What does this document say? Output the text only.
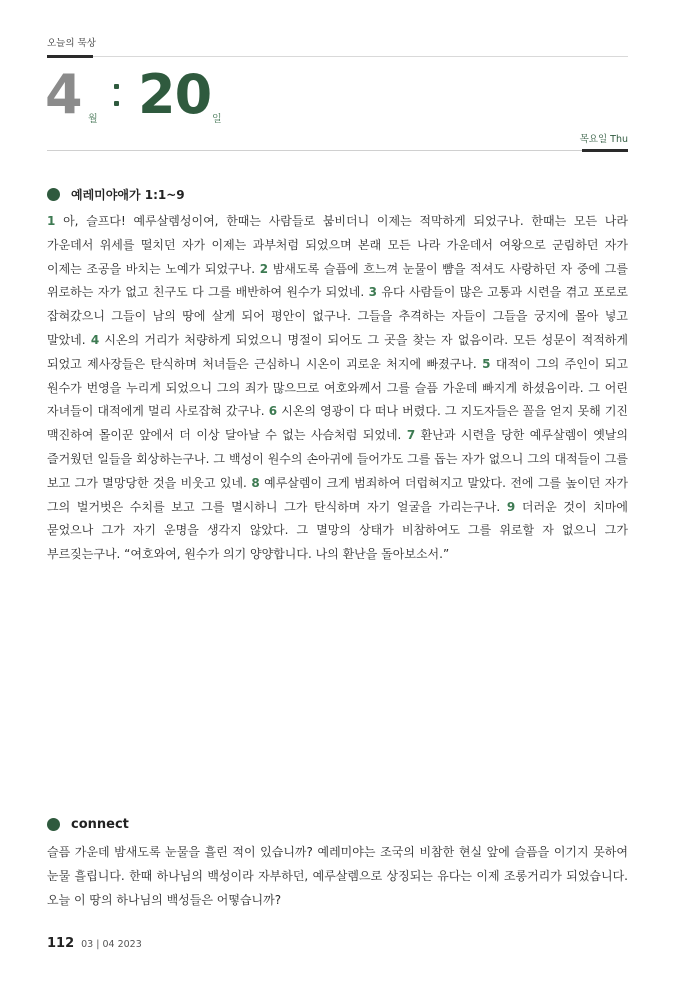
오늘의 묵상
4 월 20 일
목요일 Thu
예레미야애가 1:1~9
1 아, 슬프다! 예루살렘성이여, 한때는 사람들로 붐비더니 이제는 적막하게 되었구나. 한때는 모든 나라 가운데서 위세를 떨치던 자가 이제는 과부처럼 되었으며 본래 모든 나라 가운데서 여왕으로 군림하던 자가 이제는 조공을 바치는 노예가 되었구나. 2 밤새도록 슬픔에 흐느껴 눈물이 뺨을 적셔도 사랑하던 자 중에 그를 위로하는 자가 없고 친구도 다 그를 배반하여 원수가 되었네. 3 유다 사람들이 많은 고통과 시련을 겪고 포로로 잡혀갔으니 그들이 남의 땅에 살게 되어 평안이 없구나. 그들을 추격하는 자들이 그들을 궁지에 몰아 넣고 말았네. 4 시온의 거리가 처량하게 되었으니 명절이 되어도 그 곳을 찾는 자 없음이라. 모든 성문이 적적하게 되었고 제사장들은 탄식하며 처녀들은 근심하니 시온이 괴로운 처지에 빠졌구나. 5 대적이 그의 주인이 되고 원수가 번영을 누리게 되었으니 그의 죄가 많으므로 여호와께서 그를 슬픔 가운데 빠지게 하셨음이라. 그 어린 자녀들이 대적에게 멀리 사로잡혀 갔구나. 6 시온의 영광이 다 떠나 버렸다. 그 지도자들은 꼴을 얻지 못해 기진 맥진하여 몰이꾼 앞에서 더 이상 달아날 수 없는 사슴처럼 되었네. 7 환난과 시련을 당한 예루살렘이 옛날의 즐거웠던 일들을 회상하는구나. 그 백성이 원수의 손아귀에 들어가도 그를 돕는 자가 없으니 그의 대적들이 그를 보고 그가 멸망당한 것을 비웃고 있네. 8 예루살렘이 크게 범죄하여 더럽혀지고 말았다. 전에 그를 높이던 자가 그의 벌거벗은 수치를 보고 그를 멸시하니 그가 탄식하며 자기 얼굴을 가리는구나. 9 더러운 것이 치마에 묻었으나 그가 자기 운명을 생각지 않았다. 그 멸망의 상태가 비참하여도 그를 위로할 자 없으니 그가 부르짖는구나. “여호와여, 원수가 의기 양양합니다. 나의 환난을 돌아보소서.”
connect
슬픔 가운데 밤새도록 눈물을 흘린 적이 있습니까? 예레미야는 조국의 비참한 현실 앞에 슬픔을 이기지 못하여 눈물 흘립니다. 한때 하나님의 백성이라 자부하던, 예루살렘으로 상징되는 유다는 이제 조롱거리가 되었습니다. 오늘 이 땅의 하나님의 백성들은 어떻습니까?
112 03 | 04 2023
